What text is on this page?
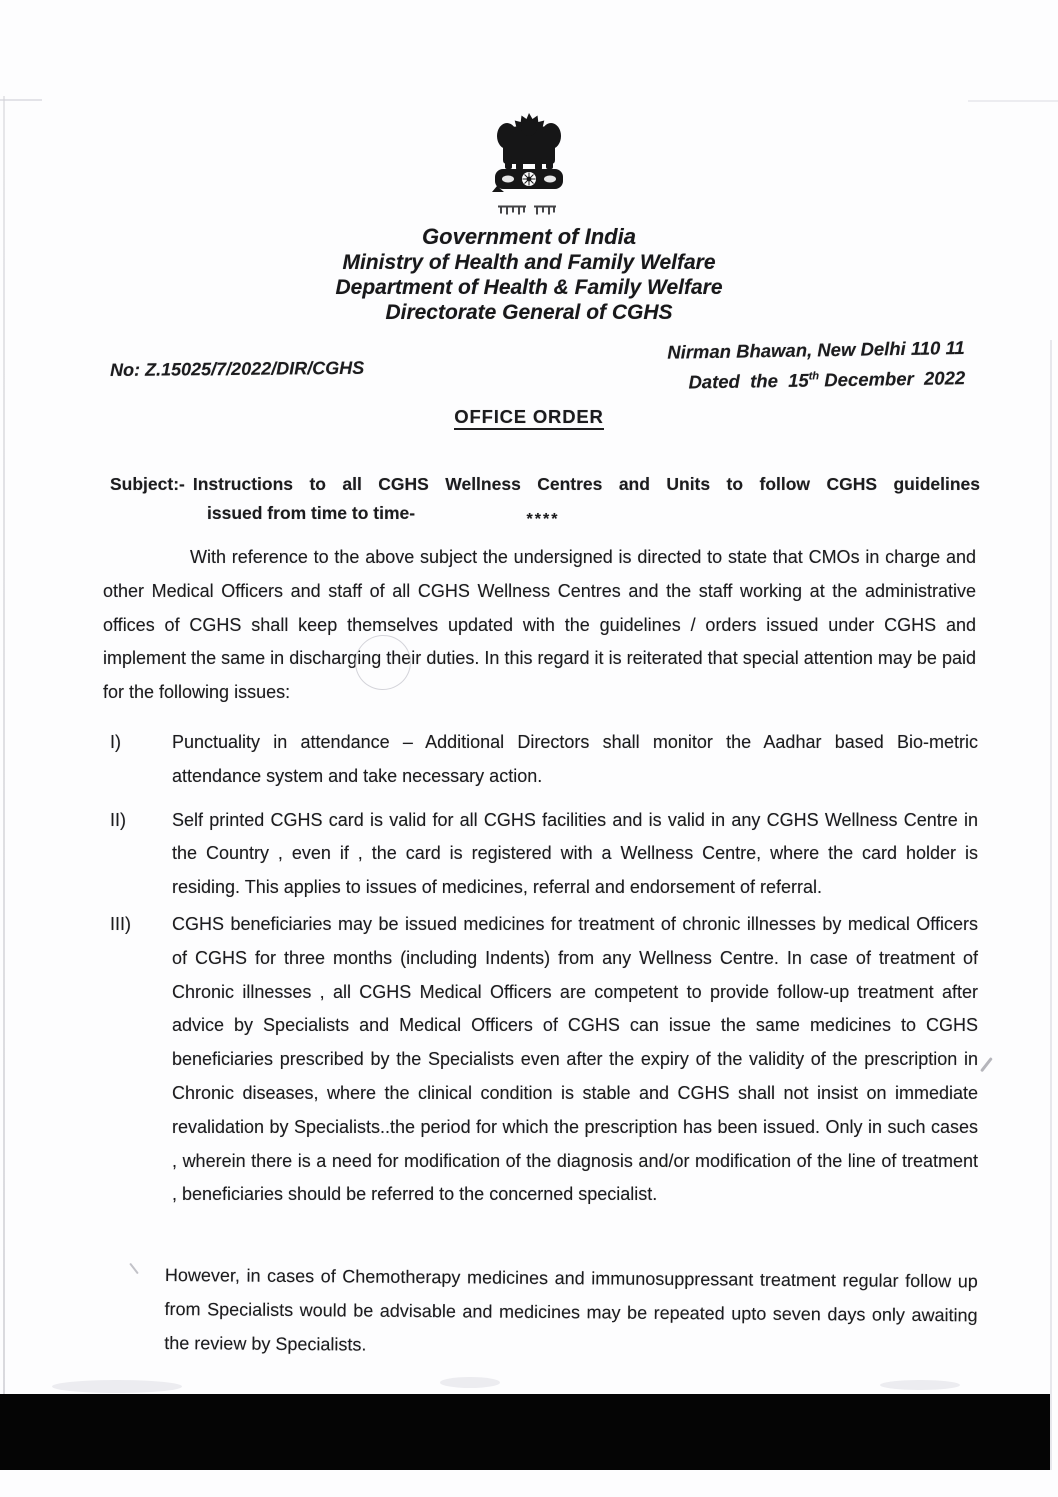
Government of India
Ministry of Health and Family Welfare
Department of Health & Family Welfare
Directorate General of CGHS
No: Z.15025/7/2022/DIR/CGHS
Nirman Bhawan, New Delhi 110 11
Dated  the  15th December  2022
OFFICE ORDER
Subject:- Instructions to all CGHS Wellness Centres and Units to follow CGHS guidelines
issued from time to time-	****

With reference to the above subject the undersigned is directed to state that CMOs in charge and other Medical Officers and staff of all CGHS Wellness Centres and the staff working at the administrative offices of CGHS shall keep themselves updated with the guidelines / orders issued under CGHS and implement the same in discharging their duties. In this regard it is reiterated that special attention may be paid for the following issues:

I)	Punctuality in attendance – Additional Directors shall monitor the Aadhar based Bio-metric attendance system and take necessary action.

II)	Self printed CGHS card is valid for all CGHS facilities and is valid in any CGHS Wellness Centre in the Country , even if , the card is registered with a Wellness Centre, where the card holder is residing. This applies to issues of medicines, referral and endorsement of referral.

III)	CGHS beneficiaries may be issued medicines for treatment of chronic illnesses by medical Officers of CGHS for three months (including Indents) from any Wellness Centre. In case of treatment of Chronic illnesses , all CGHS Medical Officers are competent to provide follow-up treatment after advice by Specialists and Medical Officers of CGHS can issue the same medicines to CGHS beneficiaries prescribed by the Specialists even after the expiry of the validity of the prescription in Chronic diseases, where the clinical condition is stable and CGHS shall not insist on immediate revalidation by Specialists..the period for which the prescription has been issued. Only in such cases , wherein there is a need for modification of the diagnosis and/or modification of the line of treatment , beneficiaries should be referred to the concerned specialist.

However, in cases of Chemotherapy medicines and immunosuppressant treatment regular follow up from Specialists would be advisable and medicines may be repeated upto seven days only awaiting the review by Specialists.
